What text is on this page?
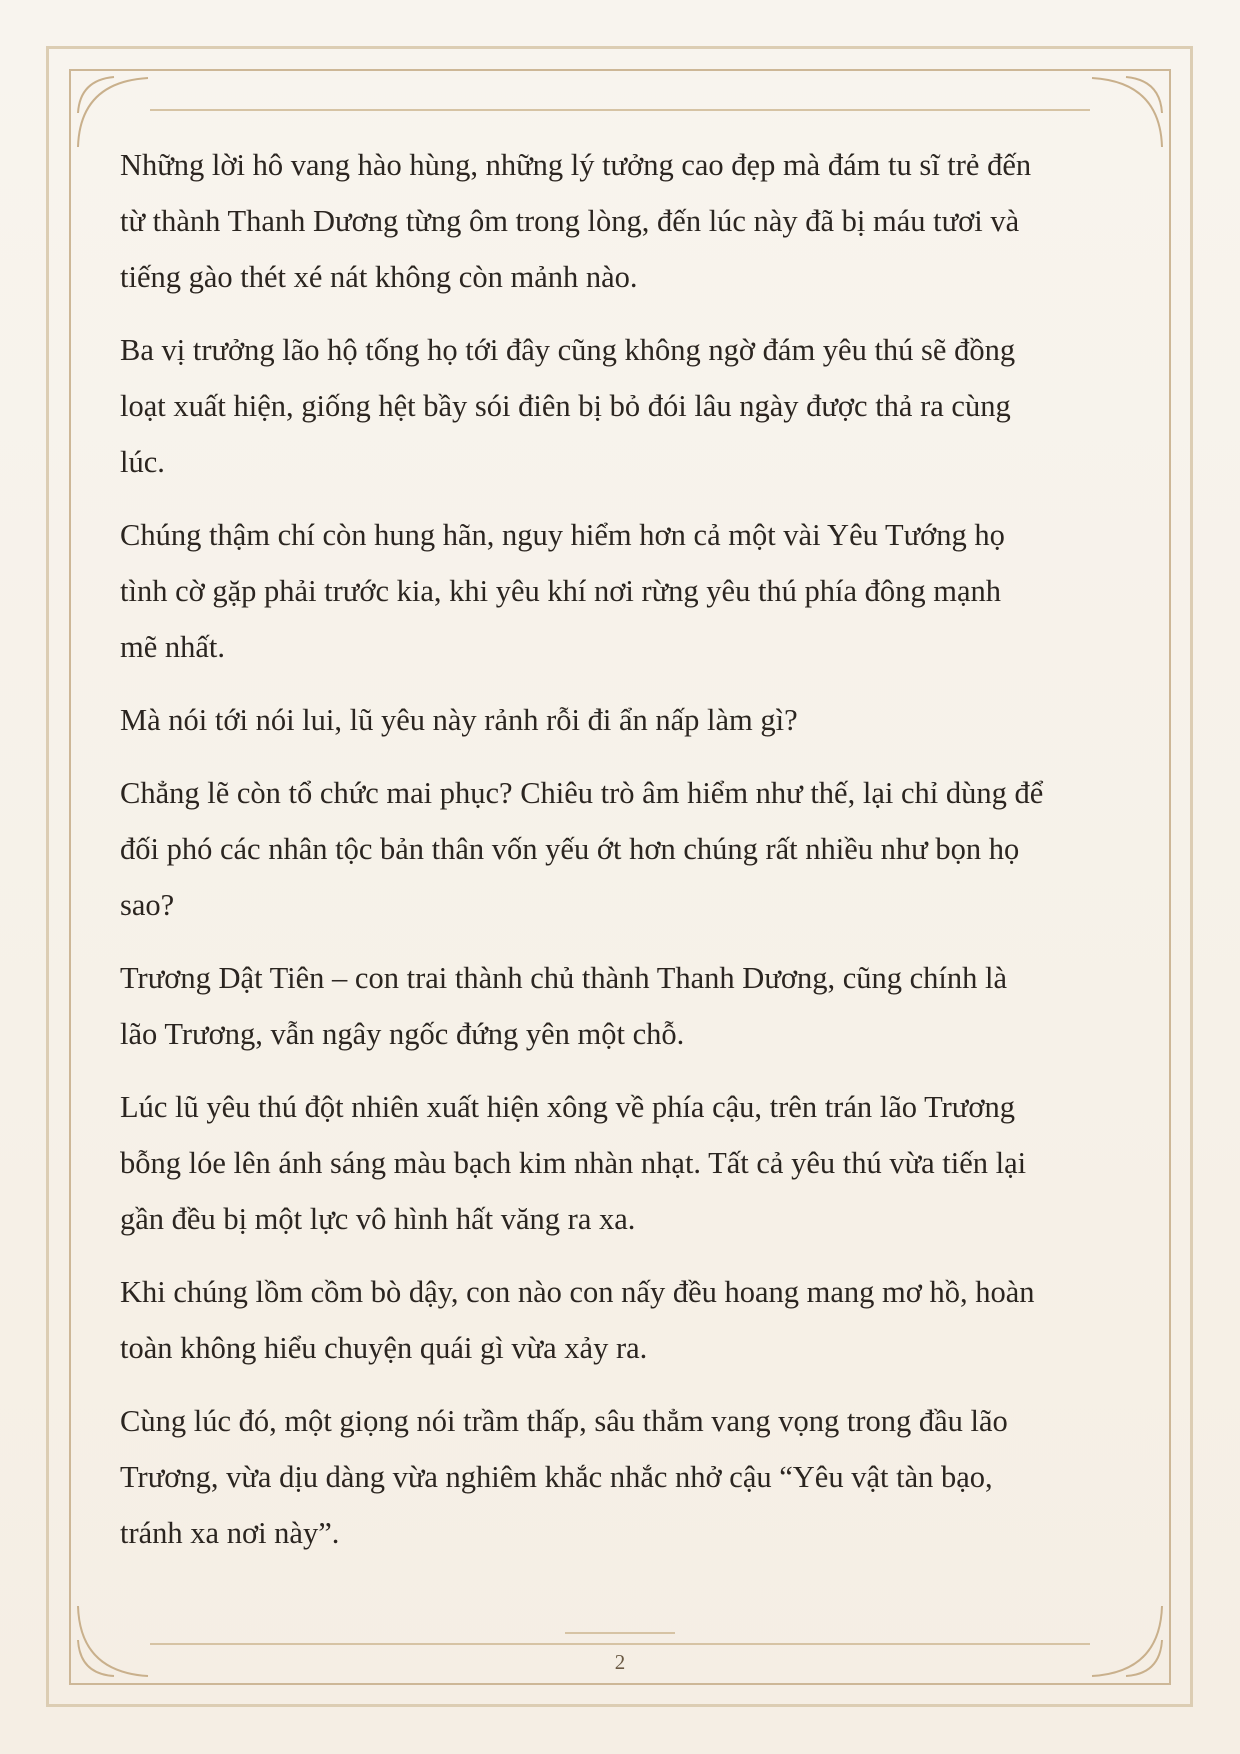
Những lời hô vang hào hùng, những lý tưởng cao đẹp mà đám tu sĩ trẻ đến
từ thành Thanh Dương từng ôm trong lòng, đến lúc này đã bị máu tươi và
tiếng gào thét xé nát không còn mảnh nào.

Ba vị trưởng lão hộ tống họ tới đây cũng không ngờ đám yêu thú sẽ đồng
loạt xuất hiện, giống hệt bầy sói điên bị bỏ đói lâu ngày được thả ra cùng
lúc.

Chúng thậm chí còn hung hãn, nguy hiểm hơn cả một vài Yêu Tướng họ
tình cờ gặp phải trước kia, khi yêu khí nơi rừng yêu thú phía đông mạnh
mẽ nhất.

Mà nói tới nói lui, lũ yêu này rảnh rỗi đi ẩn nấp làm gì?

Chẳng lẽ còn tổ chức mai phục? Chiêu trò âm hiểm như thế, lại chỉ dùng để
đối phó các nhân tộc bản thân vốn yếu ớt hơn chúng rất nhiều như bọn họ
sao?

Trương Dật Tiên – con trai thành chủ thành Thanh Dương, cũng chính là
lão Trương, vẫn ngây ngốc đứng yên một chỗ.

Lúc lũ yêu thú đột nhiên xuất hiện xông về phía cậu, trên trán lão Trương
bỗng lóe lên ánh sáng màu bạch kim nhàn nhạt. Tất cả yêu thú vừa tiến lại
gần đều bị một lực vô hình hất văng ra xa.

Khi chúng lồm cồm bò dậy, con nào con nấy đều hoang mang mơ hồ, hoàn
toàn không hiểu chuyện quái gì vừa xảy ra.

Cùng lúc đó, một giọng nói trầm thấp, sâu thẳm vang vọng trong đầu lão
Trương, vừa dịu dàng vừa nghiêm khắc nhắc nhở cậu “Yêu vật tàn bạo,
tránh xa nơi này”.

2
